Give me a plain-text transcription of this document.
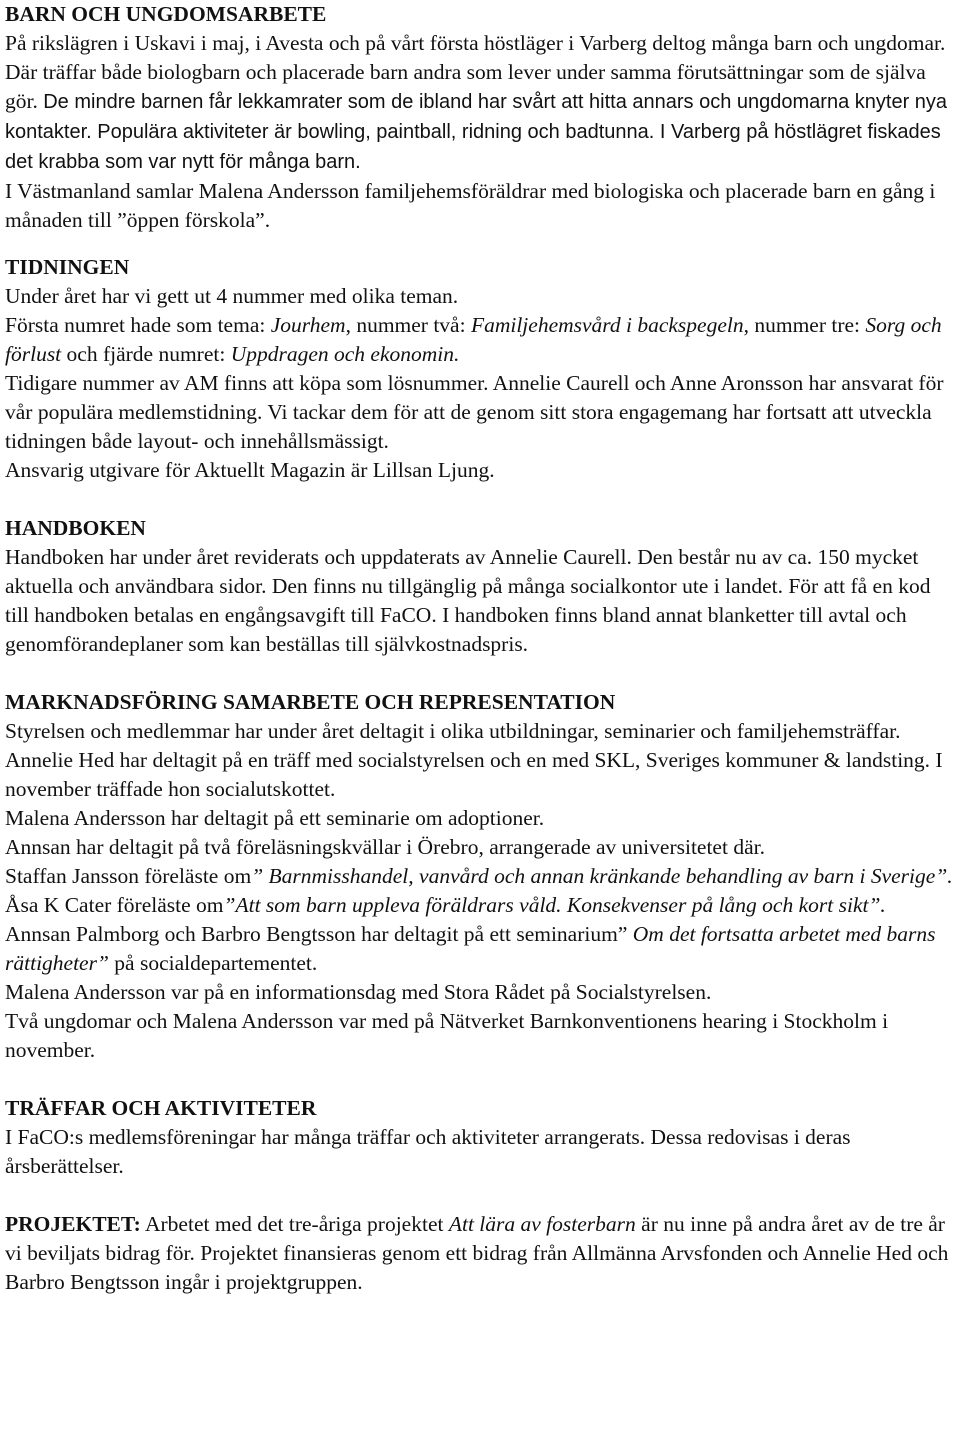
BARN OCH UNGDOMSARBETE
På rikslägren i Uskavi i maj, i Avesta och på vårt första höstläger i Varberg deltog många barn och ungdomar. Där träffar både biologbarn och placerade barn andra som lever under samma förutsättningar som de själva gör. De mindre barnen får lekkamrater som de ibland har svårt att hitta annars och ungdomarna knyter nya kontakter. Populära aktiviteter är bowling, paintball, ridning och badtunna. I Varberg på höstlägret fiskades det krabba som var nytt för många barn.
I Västmanland samlar Malena Andersson familjehemsföräldrar med biologiska och placerade barn en gång i månaden till ”öppen förskola”.
TIDNINGEN
Under året har vi gett ut 4 nummer med olika teman.
Första numret hade som tema: Jourhem, nummer två: Familjehemsvård i backspegeln, nummer tre: Sorg och förlust och fjärde numret: Uppdragen och ekonomin.
Tidigare nummer av AM finns att köpa som lösnummer. Annelie Caurell och Anne Aronsson har ansvarat för vår populära medlemstidning. Vi tackar dem för att de genom sitt stora engagemang har fortsatt att utveckla tidningen både layout- och innehållsmässigt.
Ansvarig utgivare för Aktuellt Magazin är Lillsan Ljung.
HANDBOKEN
Handboken har under året reviderats och uppdaterats av Annelie Caurell. Den består nu av ca. 150 mycket aktuella och användbara sidor. Den finns nu tillgänglig på många socialkontor ute i landet. För att få en kod till handboken betalas en engångsavgift till FaCO. I handboken finns bland annat blanketter till avtal och genomförandeplaner som kan beställas till självkostnadspris.
MARKNADSFÖRING SAMARBETE OCH REPRESENTATION
Styrelsen och medlemmar har under året deltagit i olika utbildningar, seminarier och familjehemsträffar.
Annelie Hed har deltagit på en träff med socialstyrelsen och en med SKL, Sveriges kommuner & landsting. I november träffade hon socialutskottet.
Malena Andersson har deltagit på ett seminarie om adoptioner.
Annsan har deltagit på två föreläsningskvällar i Örebro, arrangerade av universitetet där.
Staffan Jansson föreläste om” Barnmisshandel, vanvård och annan kränkande behandling av barn i Sverige”.
Åsa K Cater föreläste om”Att som barn uppleva föräldrars våld. Konsekvenser på lång och kort sikt”.
Annsan Palmborg och Barbro Bengtsson har deltagit på ett seminarium” Om det fortsatta arbetet med barns rättigheter” på socialdepartementet.
Malena Andersson var på en informationsdag med Stora Rådet på Socialstyrelsen.
Två ungdomar och Malena Andersson var med på Nätverket Barnkonventionens hearing i Stockholm i november.
TRÄFFAR OCH AKTIVITETER
I FaCO:s medlemsföreningar har många träffar och aktiviteter arrangerats. Dessa redovisas i deras årsberättelser.
PROJEKTET: Arbetet med det tre-åriga projektet Att lära av fosterbarn är nu inne på andra året av de tre år vi beviljats bidrag för. Projektet finansieras genom ett bidrag från Allmänna Arvsfonden och Annelie Hed och Barbro Bengtsson ingår i projektgruppen.
